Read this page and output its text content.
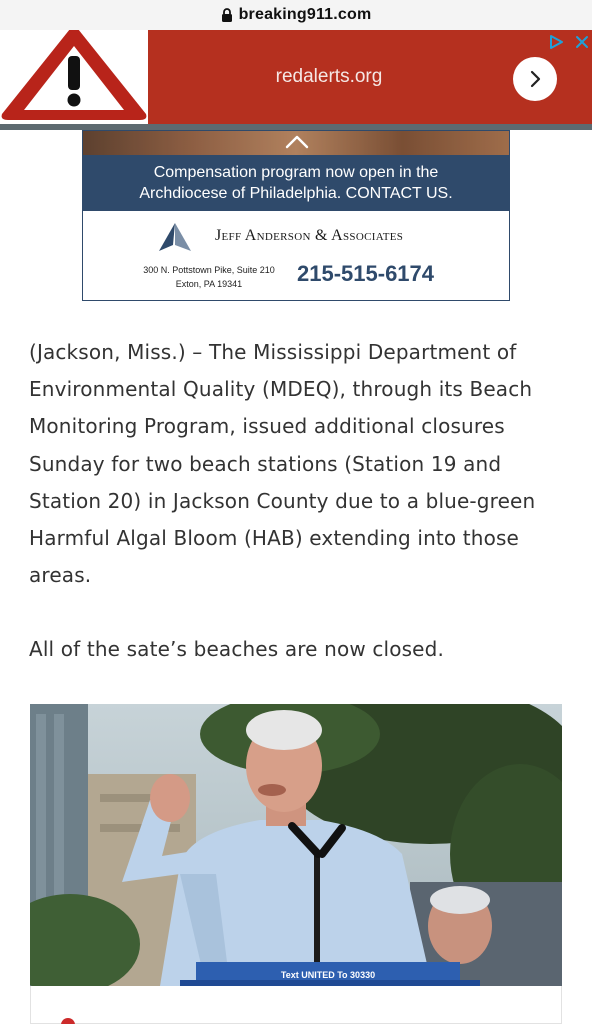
breaking911.com
redalerts.org
Compensation program now open in the
Archdiocese of Philadelphia. CONTACT US.
Jeff Anderson & Associates
300 N. Pottstown Pike, Suite 210
Exton, PA 19341	215-515-6174

(Jackson, Miss.) – The Mississippi Department of Environmental Quality (MDEQ), through its Beach Monitoring Program, issued additional closures Sunday for two beach stations (Station 19 and Station 20) in Jackson County due to a blue-green Harmful Algal Bloom (HAB) extending into those areas.

All of the sate’s beaches are now closed.

Text UNITED To 30330
